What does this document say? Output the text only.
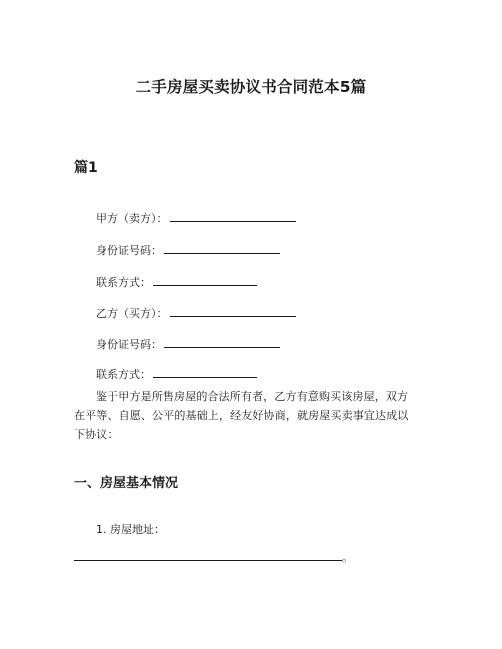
二手房屋买卖协议书合同范本5篇
篇1
甲方（卖方）：
身份证号码：
联系方式：
乙方（买方）：
身份证号码：
联系方式：
鉴于甲方是所售房屋的合法所有者，乙方有意购买该房屋，双方在平等、自愿、公平的基础上，经友好协商，就房屋买卖事宜达成以下协议：
一、房屋基本情况
1. 房屋地址：
。
